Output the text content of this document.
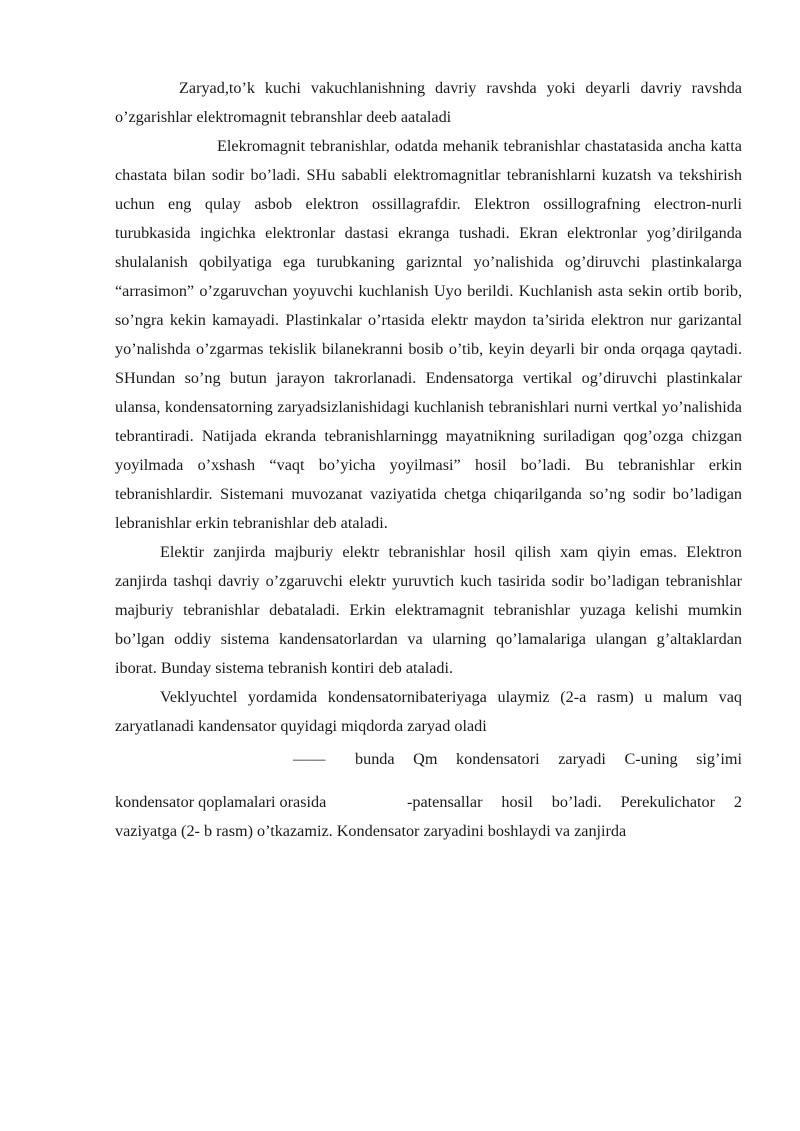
Zaryad,to’k kuchi vakuchlanishning davriy ravshda yoki deyarli davriy ravshda o’zgarishlar elektromagnit tebranshlar deeb aataladi

Elekromagnit tebranishlar, odatda mehanik tebranishlar chastatasida ancha katta chastata bilan sodir bo’ladi. SHu sababli elektromagnitlar tebranishlarni kuzatsh va tekshirish uchun eng qulay asbob elektron ossillagrafdir. Elektron ossillografning electron-nurli turubkasida ingichka elektronlar dastasi ekranga tushadi. Ekran elektronlar yog’dirilganda shulalanish qobilyatiga ega turubkaning garizntal yo’nalishida og’diruvchi plastinkalarga “arrasimon” o’zgaruvchan yoyuvchi kuchlanish Uyo berildi. Kuchlanish asta sekin ortib borib, so’ngra kekin kamayadi. Plastinkalar o’rtasida elektr maydon ta’sirida elektron nur garizantal yo’nalishda o’zgarmas tekislik bilanekranni bosib o’tib, keyin deyarli bir onda orqaga qaytadi. SHundan so’ng butun jarayon takrorlanadi. Endensatorga vertikal og’diruvchi plastinkalar ulansa, kondensatorning zaryadsizlanishidagi kuchlanish tebranishlari nurni vertkal yo’nalishida tebrantiradi. Natijada ekranda tebranishlarningg mayatnikning suriladigan qog’ozga chizgan yoyilmada o’xshash “vaqt bo’yicha yoyilmasi” hosil bo’ladi. Bu tebranishlar erkin tebranishlardir. Sistemani muvozanat vaziyatida chetga chiqarilganda so’ng sodir bo’ladigan lebranishlar erkin tebranishlar deb ataladi.

Elektir zanjirda majburiy elektr tebranishlar hosil qilish xam qiyin emas. Elektron zanjirda tashqi davriy o’zgaruvchi elektr yuruvtich kuch tasirida sodir bo’ladigan tebranishlar majburiy tebranishlar debataladi. Erkin elektramagnit tebranishlar yuzaga kelishi mumkin bo’lgan oddiy sistema kandensatorlardan va ularning qo’lamalariga ulangan g’altaklardan iborat. Bunday sistema tebranish kontiri deb ataladi.

Veklyuchtel yordamida kondensatornibateriyaga ulaymiz (2-a rasm) u malum vaq zaryatlanadi kandensator quyidagi miqdorda zaryad oladi

—— bunda Qm kondensatori zaryadi C-uning sig’imi
kondensator qoplamalari orasida	-patensallar hosil bo’ladi. Perekulichator 2

vaziyatga (2- b rasm) o’tkazamiz. Kondensator zaryadini boshlaydi va zanjirda
